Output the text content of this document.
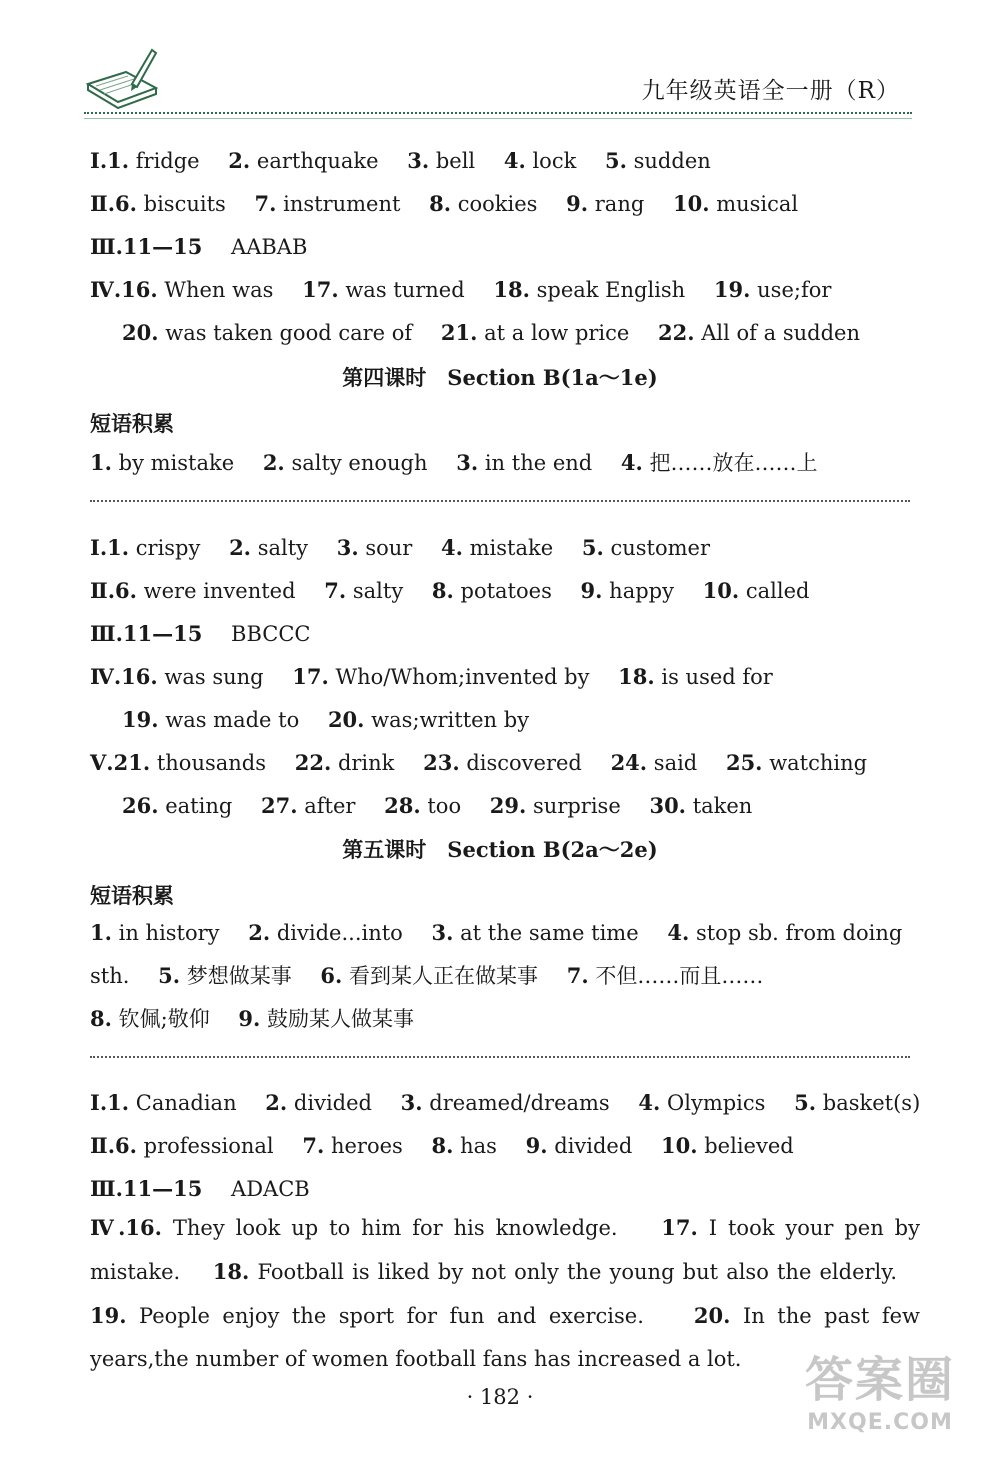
九年级英语全一册（R）
Ⅰ.1. fridge 2. earthquake 3. bell 4. lock 5. sudden
Ⅱ.6. biscuits 7. instrument 8. cookies 9. rang 10. musical
Ⅲ.11—15 AABAB
Ⅳ.16. When was 17. was turned 18. speak English 19. use;for
20. was taken good care of 21. at a low price 22. All of a sudden
第四课时　Section B(1a～1e)
短语积累
1. by mistake 2. salty enough 3. in the end 4. 把……放在……上
Ⅰ.1. crispy 2. salty 3. sour 4. mistake 5. customer
Ⅱ.6. were invented 7. salty 8. potatoes 9. happy 10. called
Ⅲ.11—15 BBCCC
Ⅳ.16. was sung 17. Who/Whom;invented by 18. is used for
19. was made to 20. was;written by
Ⅴ.21. thousands 22. drink 23. discovered 24. said 25. watching
26. eating 27. after 28. too 29. surprise 30. taken
第五课时　Section B(2a～2e)
短语积累
1. in history 2. divide...into 3. at the same time 4. stop sb. from doing
sth. 5. 梦想做某事 6. 看到某人正在做某事 7. 不但……而且……
8. 钦佩;敬仰 9. 鼓励某人做某事
Ⅰ.1. Canadian 2. divided 3. dreamed/dreams 4. Olympics 5. basket(s)
Ⅱ.6. professional 7. heroes 8. has 9. divided 10. believed
Ⅲ.11—15 ADACB
Ⅳ.16. They look up to him for his knowledge. 17. I took your pen by mistake. 18. Football is liked by not only the young but also the elderly.    19. People enjoy the sport for fun and exercise. 20. In the past few years,the number of women football fans has increased a lot.
· 182 ·	答案圈
MXQE.COM
